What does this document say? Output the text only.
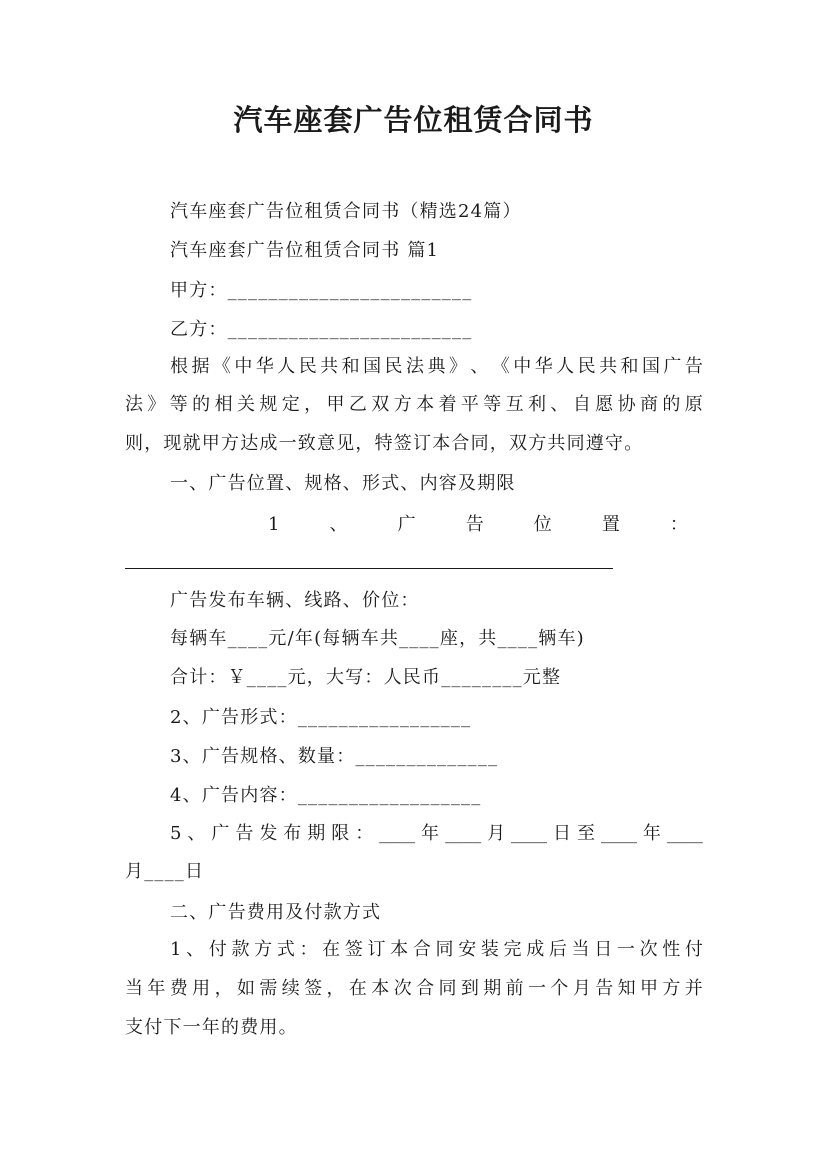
汽车座套广告位租赁合同书
汽车座套广告位租赁合同书（精选24篇）
汽车座套广告位租赁合同书 篇1
甲方：________________________
乙方：________________________
根 据 《 中 华 人 民 共 和 国 民 法 典 》 、 《 中 华 人 民 共 和 国 广 告
法 》 等 的 相 关 规 定 ， 甲 乙 双 方 本 着 平 等 互 利 、 自 愿 协 商 的 原
则，现就甲方达成一致意见，特签订本合同，双方共同遵守。
一、广告位置、规格、形式、内容及期限
1	、	广	告	位	置	：
广告发布车辆、线路、价位：
每辆车____元/年(每辆车共____座，共____辆车)
合计：￥____元，大写：人民币________元整
2、广告形式：_________________
3、广告规格、数量：______________
4、广告内容：__________________
5 、 广 告 发 布 期 限 ： ____ 年 ____ 月 ____ 日 至 ____ 年 ____
月____日
二、广告费用及付款方式
1 、 付 款 方 式 ： 在 签 订 本 合 同 安 装 完 成 后 当 日 一 次 性 付
当 年 费 用 ， 如 需 续 签 ， 在 本 次 合 同 到 期 前 一 个 月 告 知 甲 方 并
支付下一年的费用。
